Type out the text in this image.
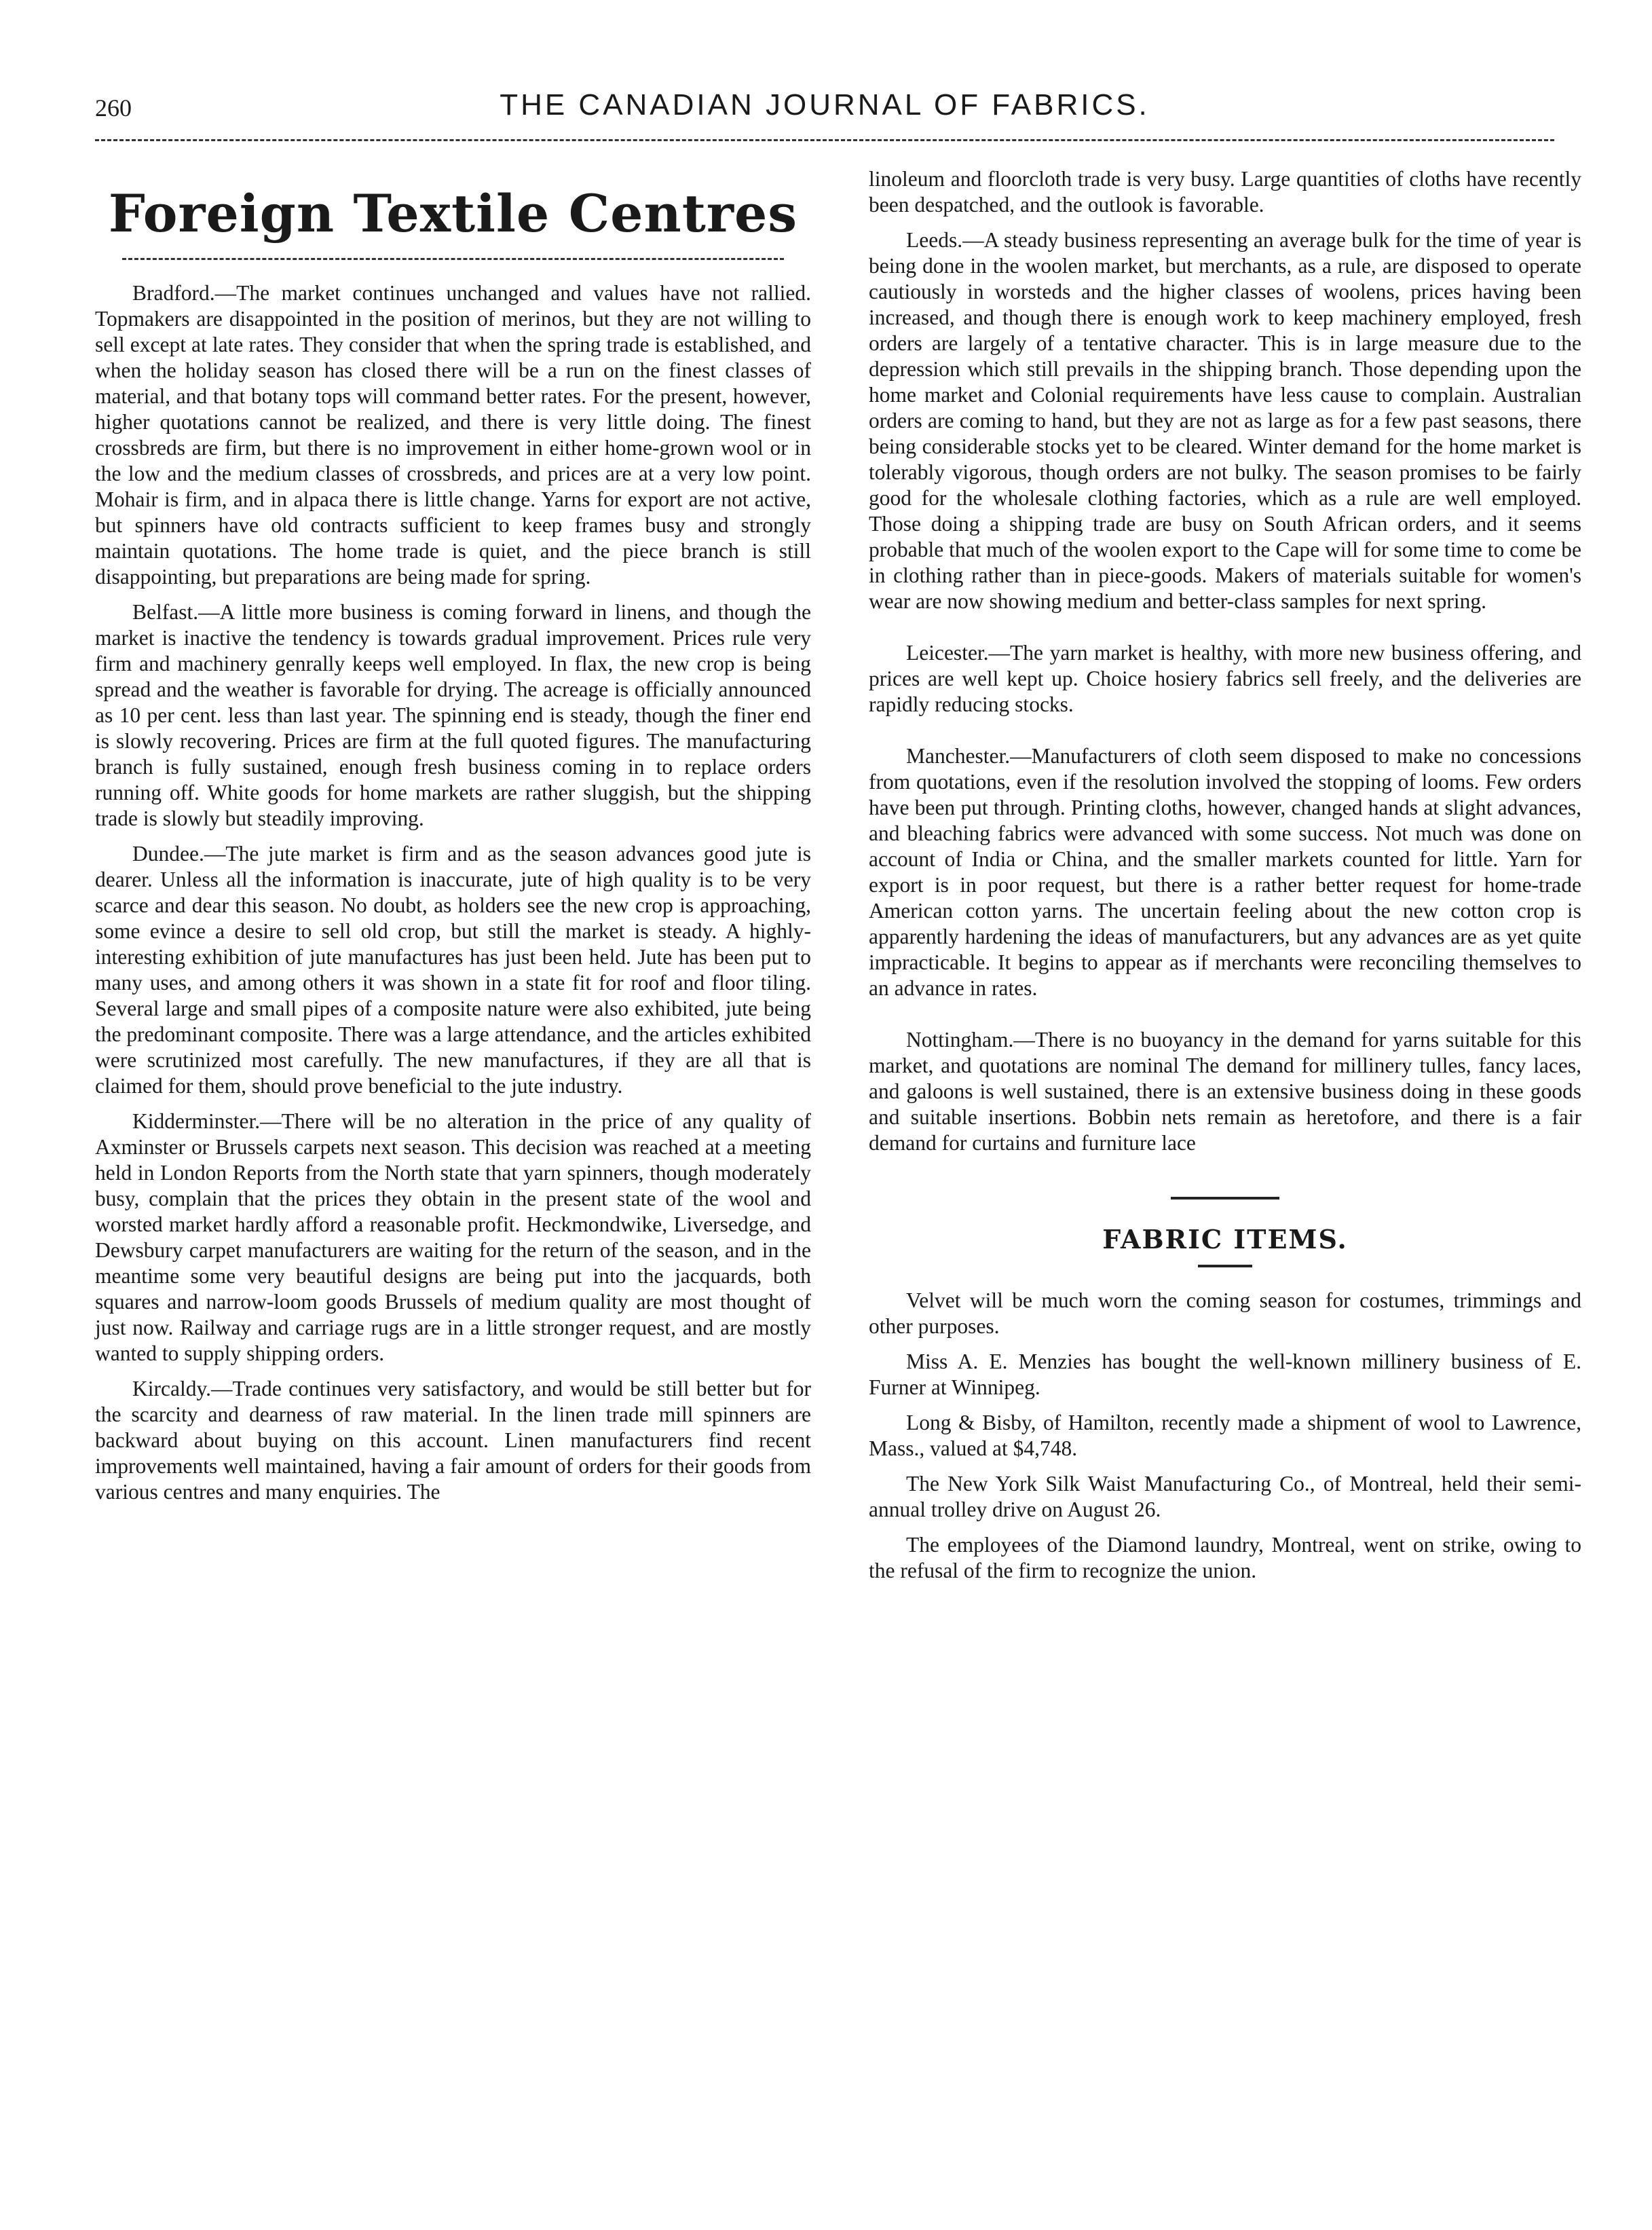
260	THE CANADIAN JOURNAL OF FABRICS.
Foreign Textile Centres

Bradford.—The market continues unchanged and values have not rallied. Topmakers are disappointed in the position of merinos, but they are not willing to sell except at late rates. They consider that when the spring trade is established, and when the holiday season has closed there will be a run on the finest classes of material, and that botany tops will command better rates. For the present, however, higher quotations cannot be realized, and there is very little doing. The finest crossbreds are firm, but there is no improvement in either home-grown wool or in the low and the medium classes of crossbreds, and prices are at a very low point. Mohair is firm, and in alpaca there is little change. Yarns for export are not active, but spinners have old contracts sufficient to keep frames busy and strongly maintain quotations. The home trade is quiet, and the piece branch is still disappointing, but preparations are being made for spring.

Belfast.—A little more business is coming forward in linens, and though the market is inactive the tendency is towards gradual improvement. Prices rule very firm and machinery genrally keeps well employed. In flax, the new crop is being spread and the weather is favorable for drying. The acreage is officially announced as 10 per cent. less than last year. The spinning end is steady, though the finer end is slowly recovering. Prices are firm at the full quoted figures. The manufacturing branch is fully sustained, enough fresh business coming in to replace orders running off. White goods for home markets are rather sluggish, but the shipping trade is slowly but steadily improving.

Dundee.—The jute market is firm and as the season advances good jute is dearer. Unless all the information is inaccurate, jute of high quality is to be very scarce and dear this season. No doubt, as holders see the new crop is approaching, some evince a desire to sell old crop, but still the market is steady. A highly-interesting exhibition of jute manufactures has just been held. Jute has been put to many uses, and among others it was shown in a state fit for roof and floor tiling. Several large and small pipes of a composite nature were also exhibited, jute being the predominant composite. There was a large attendance, and the articles exhibited were scrutinized most carefully. The new manufactures, if they are all that is claimed for them, should prove beneficial to the jute industry.

Kidderminster.—There will be no alteration in the price of any quality of Axminster or Brussels carpets next season. This decision was reached at a meeting held in London Reports from the North state that yarn spinners, though moderately busy, complain that the prices they obtain in the present state of the wool and worsted market hardly afford a reasonable profit. Heckmondwike, Liversedge, and Dewsbury carpet manufacturers are waiting for the return of the season, and in the meantime some very beautiful designs are being put into the jacquards, both squares and narrow-loom goods Brussels of medium quality are most thought of just now. Railway and carriage rugs are in a little stronger request, and are mostly wanted to supply shipping orders.

Kircaldy.—Trade continues very satisfactory, and would be still better but for the scarcity and dearness of raw material. In the linen trade mill spinners are backward about buying on this account. Linen manufacturers find recent improvements well maintained, having a fair amount of orders for their goods from various centres and many enquiries. The

linoleum and floorcloth trade is very busy. Large quantities of cloths have recently been despatched, and the outlook is favorable.

Leeds.—A steady business representing an average bulk for the time of year is being done in the woolen market, but merchants, as a rule, are disposed to operate cautiously in worsteds and the higher classes of woolens, prices having been increased, and though there is enough work to keep machinery employed, fresh orders are largely of a tentative character. This is in large measure due to the depression which still prevails in the shipping branch. Those depending upon the home market and Colonial requirements have less cause to complain. Australian orders are coming to hand, but they are not as large as for a few past seasons, there being considerable stocks yet to be cleared. Winter demand for the home market is tolerably vigorous, though orders are not bulky. The season promises to be fairly good for the wholesale clothing factories, which as a rule are well employed. Those doing a shipping trade are busy on South African orders, and it seems probable that much of the woolen export to the Cape will for some time to come be in clothing rather than in piece-goods. Makers of materials suitable for women's wear are now showing medium and better-class samples for next spring.

Leicester.—The yarn market is healthy, with more new business offering, and prices are well kept up. Choice hosiery fabrics sell freely, and the deliveries are rapidly reducing stocks.

Manchester.—Manufacturers of cloth seem disposed to make no concessions from quotations, even if the resolution involved the stopping of looms. Few orders have been put through. Printing cloths, however, changed hands at slight advances, and bleaching fabrics were advanced with some success. Not much was done on account of India or China, and the smaller markets counted for little. Yarn for export is in poor request, but there is a rather better request for home-trade American cotton yarns. The uncertain feeling about the new cotton crop is apparently hardening the ideas of manufacturers, but any advances are as yet quite impracticable. It begins to appear as if merchants were reconciling themselves to an advance in rates.

Nottingham.—There is no buoyancy in the demand for yarns suitable for this market, and quotations are nominal The demand for millinery tulles, fancy laces, and galoons is well sustained, there is an extensive business doing in these goods and suitable insertions. Bobbin nets remain as heretofore, and there is a fair demand for curtains and furniture lace

FABRIC ITEMS.

Velvet will be much worn the coming season for costumes, trimmings and other purposes.

Miss A. E. Menzies has bought the well-known millinery business of E. Furner at Winnipeg.

Long & Bisby, of Hamilton, recently made a shipment of wool to Lawrence, Mass., valued at $4,748.

The New York Silk Waist Manufacturing Co., of Montreal, held their semi-annual trolley drive on August 26.

The employees of the Diamond laundry, Montreal, went on strike, owing to the refusal of the firm to recognize the union.
